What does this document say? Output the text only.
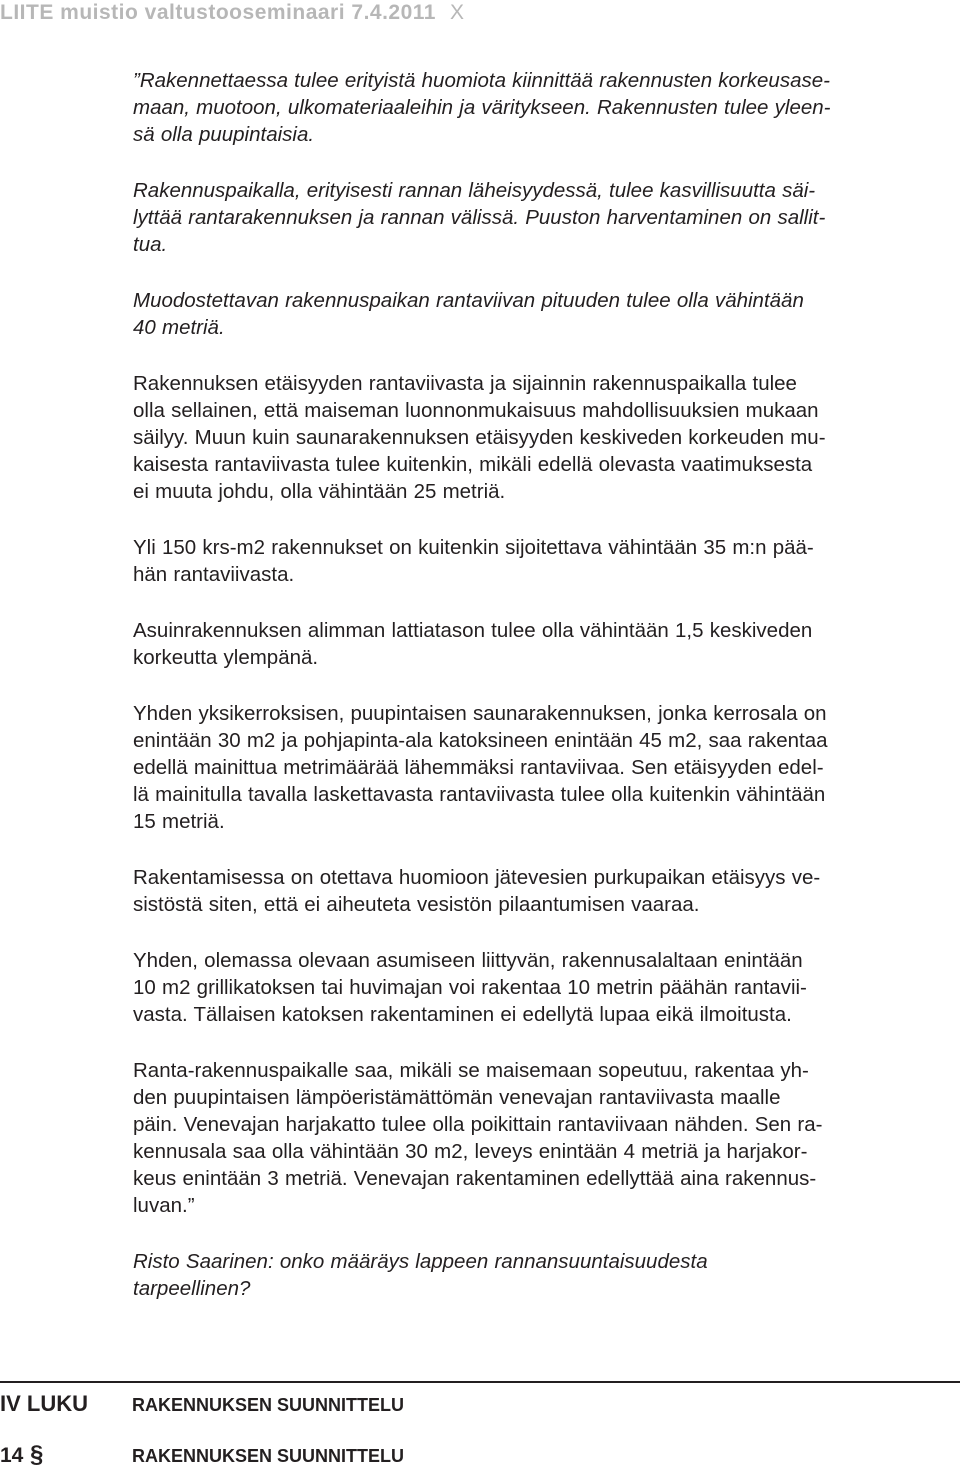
LIITE muistio valtustooseminaari 7.4.2011 X
”Rakennettaessa tulee erityistä huomiota kiinnittää rakennusten korkeusase-
maan, muotoon, ulkomateriaaleihin ja väritykseen. Rakennusten tulee yleen-
sä olla puupintaisia.
Rakennuspaikalla, erityisesti rannan läheisyydessä, tulee kasvillisuutta säi-
lyttää rantarakennuksen ja rannan välissä. Puuston harventaminen on sallit-
tua.
Muodostettavan rakennuspaikan rantaviivan pituuden tulee olla vähintään
40 metriä.
Rakennuksen etäisyyden rantaviivasta ja sijainnin rakennuspaikalla tulee
olla sellainen, että maiseman luonnonmukaisuus mahdollisuuksien mukaan
säilyy. Muun kuin saunarakennuksen etäisyyden keskiveden korkeuden mu-
kaisesta rantaviivasta tulee kuitenkin, mikäli edellä olevasta vaatimuksesta
ei muuta johdu, olla vähintään 25 metriä.
Yli 150 krs-m2 rakennukset on kuitenkin sijoitettava vähintään 35 m:n pää-
hän rantaviivasta.
Asuinrakennuksen alimman lattiatason tulee olla vähintään 1,5 keskiveden
korkeutta ylempänä.
Yhden yksikerroksisen, puupintaisen saunarakennuksen, jonka kerrosala on
enintään 30 m2 ja pohjapinta-ala katoksineen enintään 45 m2, saa rakentaa
edellä mainittua metrimäärää lähemmäksi rantaviivaa. Sen etäisyyden edel-
lä mainitulla tavalla laskettavasta rantaviivasta tulee olla kuitenkin vähintään
15 metriä.
Rakentamisessa on otettava huomioon jätevesien purkupaikan etäisyys ve-
sistöstä siten, että ei aiheuteta vesistön pilaantumisen vaaraa.
Yhden, olemassa olevaan asumiseen liittyvän, rakennusalaltaan enintään
10 m2 grillikatoksen tai huvimajan voi rakentaa 10 metrin päähän rantavii-
vasta. Tällaisen katoksen rakentaminen ei edellytä lupaa eikä ilmoitusta.
Ranta-rakennuspaikalle saa, mikäli se maisemaan sopeutuu, rakentaa yh-
den puupintaisen lämpöeristämättömän venevajan rantaviivasta maalle
päin. Venevajan harjakatto tulee olla poikittain rantaviivaan nähden. Sen ra-
kennusala saa olla vähintään 30 m2, leveys enintään 4 metriä ja harjakor-
keus enintään 3 metriä. Venevajan rakentaminen edellyttää aina rakennus-
luvan.”
Risto Saarinen: onko määräys lappeen rannansuuntaisuudesta
tarpeellinen?
IV LUKU RAKENNUKSEN SUUNNITTELU
14 §	RAKENNUKSEN SUUNNITTELU
